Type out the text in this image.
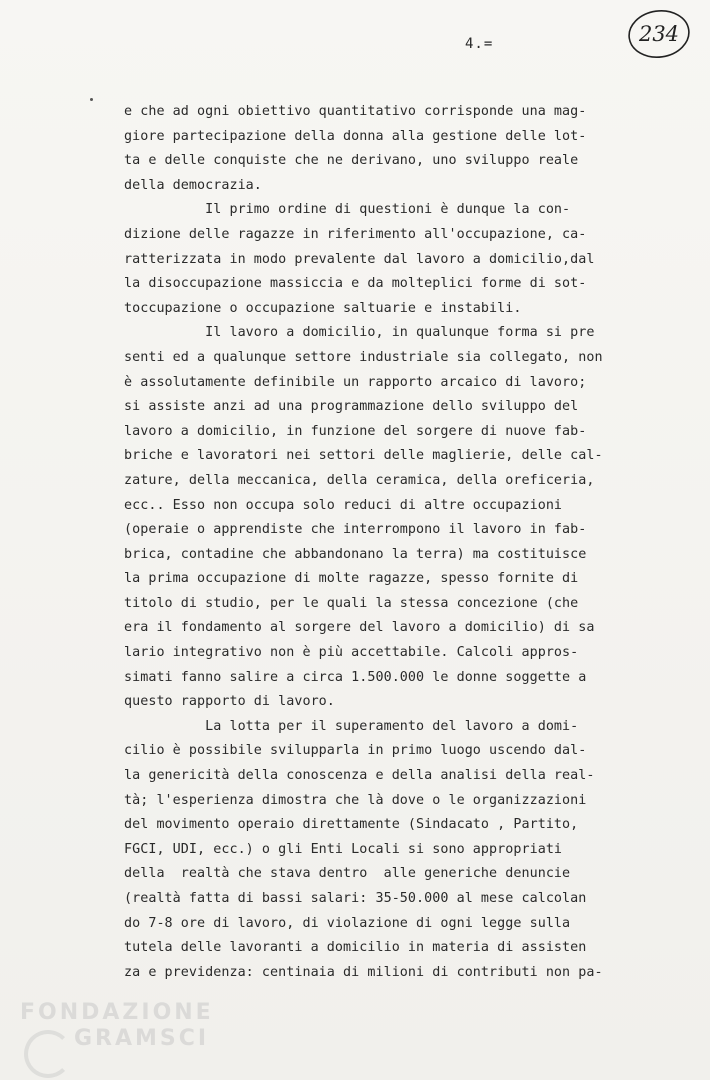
4.=	234
e che ad ogni obiettivo quantitativo corrisponde una mag-
giore partecipazione della donna alla gestione delle lot-
ta e delle conquiste che ne derivano, uno sviluppo reale
della democrazia.
Il primo ordine di questioni è dunque la con-
dizione delle ragazze in riferimento all'occupazione, ca-
ratterizzata in modo prevalente dal lavoro a domicilio,dal
la disoccupazione massiccia e da molteplici forme di sot-
toccupazione o occupazione saltuarie e instabili.
Il lavoro a domicilio, in qualunque forma si pre
senti ed a qualunque settore industriale sia collegato, non
è assolutamente definibile un rapporto arcaico di lavoro;
si assiste anzi ad una programmazione dello sviluppo del
lavoro a domicilio, in funzione del sorgere di nuove fab-
briche e lavoratori nei settori delle maglierie, delle cal-
zature, della meccanica, della ceramica, della oreficeria,
ecc.. Esso non occupa solo reduci di altre occupazioni
(operaie o apprendiste che interrompono il lavoro in fab-
brica, contadine che abbandonano la terra) ma costituisce
la prima occupazione di molte ragazze, spesso fornite di
titolo di studio, per le quali la stessa concezione (che
era il fondamento al sorgere del lavoro a domicilio) di sa
lario integrativo non è più accettabile. Calcoli appros-
simati fanno salire a circa 1.500.000 le donne soggette a
questo rapporto di lavoro.
La lotta per il superamento del lavoro a domi-
cilio è possibile svilupparla in primo luogo uscendo dal-
la genericità della conoscenza e della analisi della real-
tà; l'esperienza dimostra che là dove o le organizzazioni
del movimento operaio direttamente (Sindacato , Partito,
FGCI, UDI, ecc.) o gli Enti Locali si sono appropriati
della  realtà che stava dentro  alle generiche denuncie
(realtà fatta di bassi salari: 35-50.000 al mese calcolan
do 7-8 ore di lavoro, di violazione di ogni legge sulla
tutela delle lavoranti a domicilio in materia di assisten
za e previdenza: centinaia di milioni di contributi non pa-
FONDAZIONE
GRAMSCI
